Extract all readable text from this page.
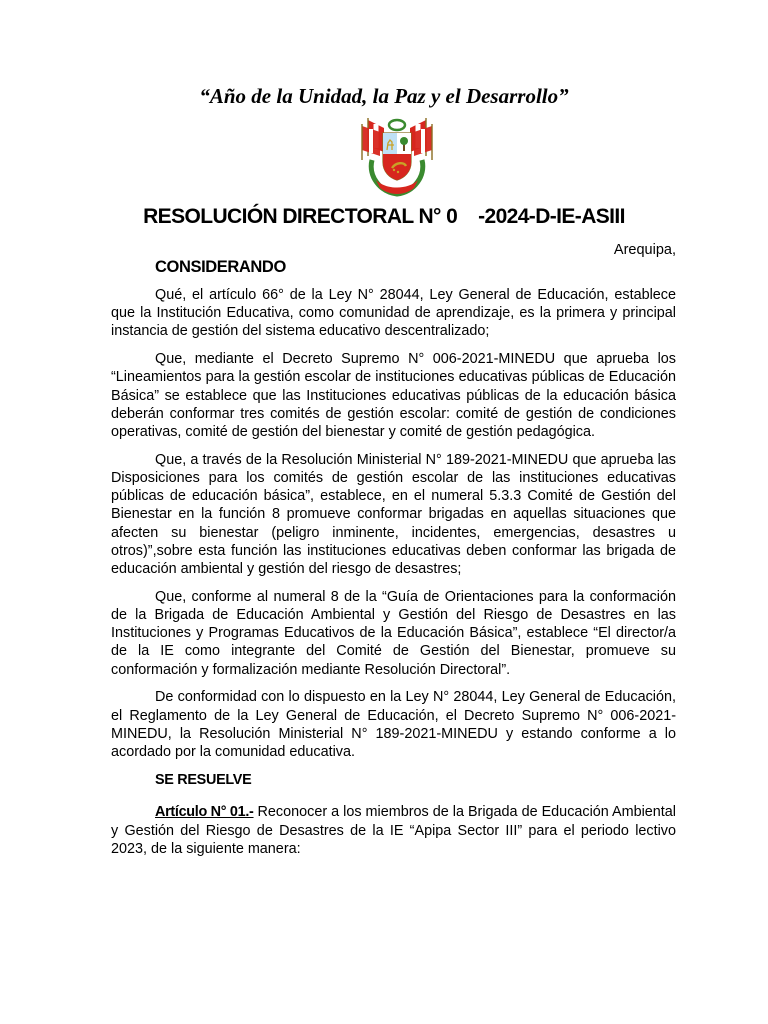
“Año de la Unidad, la Paz y el Desarrollo”

RESOLUCIÓN DIRECTORAL N° 0    -2024-D-IE-ASIII

Arequipa,

CONSIDERANDO

Qué, el artículo 66° de la Ley N° 28044, Ley General de Educación, establece que la Institución Educativa, como comunidad de aprendizaje, es la primera y principal instancia de gestión del sistema educativo descentralizado;

Que, mediante el Decreto Supremo N° 006-2021-MINEDU que aprueba los “Lineamientos para la gestión escolar de instituciones educativas públicas de Educación Básica” se establece que las Instituciones educativas públicas de la educación básica deberán conformar tres comités de gestión escolar: comité de gestión de condiciones operativas, comité de gestión del bienestar y comité de gestión pedagógica.

Que, a través de la Resolución Ministerial N° 189-2021-MINEDU que aprueba las Disposiciones para los comités de gestión escolar de las instituciones educativas públicas de educación básica”, establece, en el numeral 5.3.3 Comité de Gestión del Bienestar en la función 8 promueve conformar brigadas en aquellas situaciones que afecten su bienestar (peligro inminente, incidentes, emergencias, desastres u otros)”,sobre esta función las instituciones educativas deben conformar las brigada de educación ambiental y gestión del riesgo de desastres;

Que, conforme al numeral 8 de la “Guía de Orientaciones para la conformación de la Brigada de Educación Ambiental y Gestión del Riesgo de Desastres en las Instituciones y Programas Educativos de la Educación Básica”, establece “El director/a de la IE como integrante del Comité de Gestión del Bienestar, promueve su conformación y formalización mediante Resolución Directoral”.

De conformidad con lo dispuesto en la Ley N° 28044, Ley General de Educación, el Reglamento de la Ley General de Educación, el Decreto Supremo N° 006-2021-MINEDU, la Resolución Ministerial N° 189-2021-MINEDU y estando conforme a lo acordado por la comunidad educativa.

SE RESUELVE

Artículo N° 01.- Reconocer a los miembros de la Brigada de Educación Ambiental y Gestión del Riesgo de Desastres de la IE “Apipa Sector III” para el periodo lectivo 2023, de la siguiente manera:
